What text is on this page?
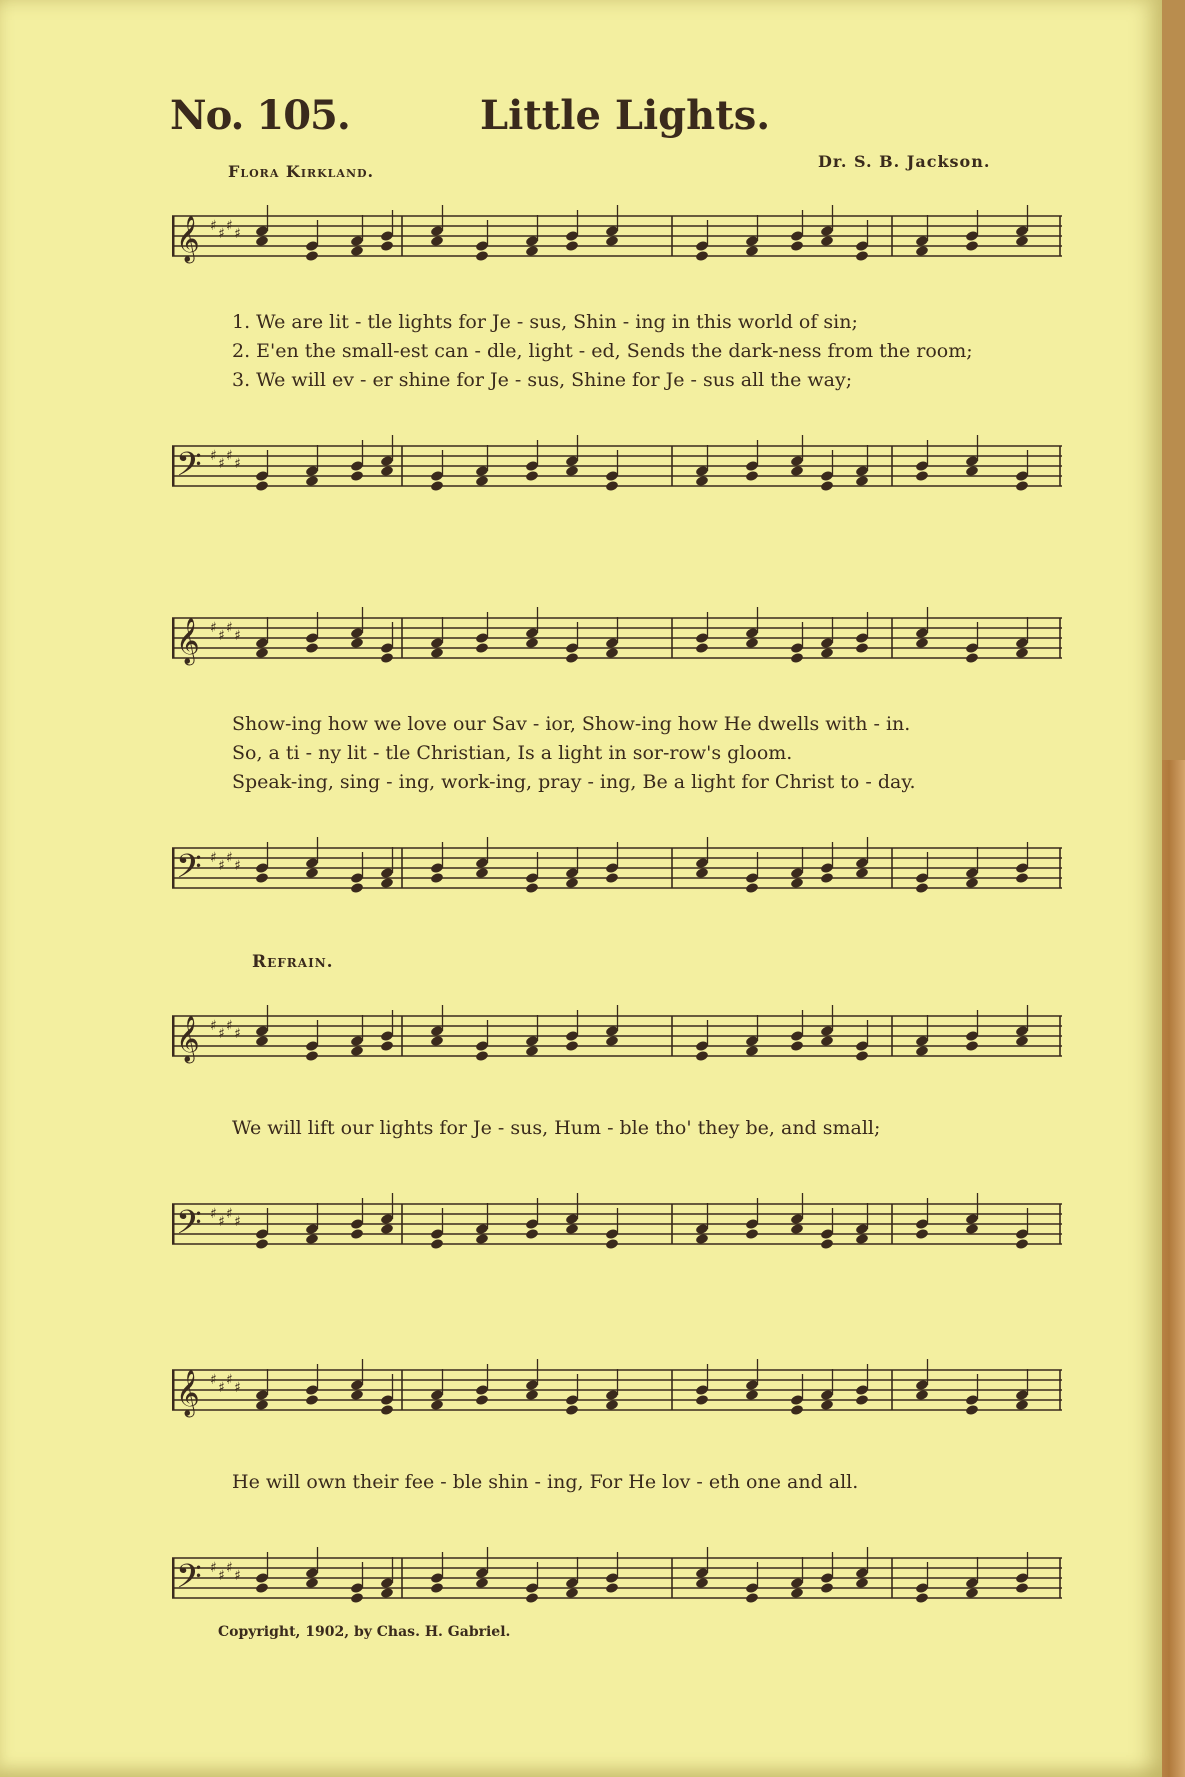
No. 105.	Little Lights.
Flora Kirkland.
Dr. S. B. Jackson.
𝄞 ♯ ♯ ♯ ♯
1. We are lit - tle lights for Je - sus, Shin - ing in this world of sin;
2. E'en the small-est can - dle, light - ed, Sends the dark-ness from the room;
3. We will ev - er shine for Je - sus, Shine for Je - sus all the way;
𝄢 ♯ ♯ ♯ ♯
𝄞 ♯ ♯ ♯ ♯
Show-ing how we love our Sav - ior, Show-ing how He dwells with - in.
So, a ti - ny lit - tle Christian, Is a light in sor-row's gloom.
Speak-ing, sing - ing, work-ing, pray - ing, Be a light for Christ to - day.
𝄢 ♯ ♯ ♯ ♯
Refrain.
𝄞 ♯ ♯ ♯ ♯
We will lift our lights for Je - sus, Hum - ble tho' they be, and small;
𝄢 ♯ ♯ ♯ ♯
𝄞 ♯ ♯ ♯ ♯
He will own their fee - ble shin - ing, For He lov - eth one and all.
𝄢 ♯ ♯ ♯ ♯
Copyright, 1902, by Chas. H. Gabriel.
